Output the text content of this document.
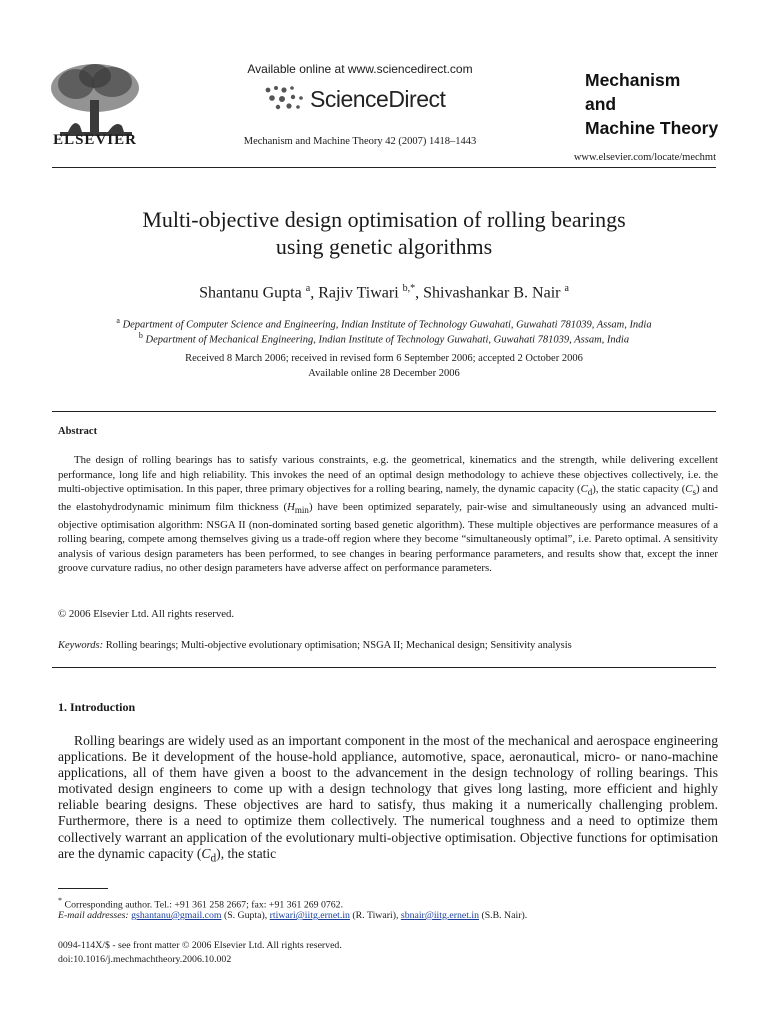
ELSEVIER
Available online at www.sciencedirect.com
ScienceDirect
Mechanism and Machine Theory 42 (2007) 1418–1443
Mechanism
and
Machine Theory
www.elsevier.com/locate/mechmt
Multi-objective design optimisation of rolling bearings
using genetic algorithms
Shantanu Gupta $^a$, Rajiv Tiwari $^{b,*}$, Shivashankar B. Nair $^a$
$^a$ Department of Computer Science and Engineering, Indian Institute of Technology Guwahati, Guwahati 781039, Assam, India
$^b$ Department of Mechanical Engineering, Indian Institute of Technology Guwahati, Guwahati 781039, Assam, India
Received 8 March 2006; received in revised form 6 September 2006; accepted 2 October 2006
Available online 28 December 2006
Abstract
The design of rolling bearings has to satisfy various constraints, e.g. the geometrical, kinematics and the strength, while delivering excellent performance, long life and high reliability. This invokes the need of an optimal design methodology to achieve these objectives collectively, i.e. the multi-objective optimisation. In this paper, three primary objectives for a rolling bearing, namely, the dynamic capacity $(C_d)$, the static capacity $(C_s)$ and the elastohydrodynamic minimum film thickness $(H_{min})$ have been optimized separately, pair-wise and simultaneously using an advanced multi-objective optimisation algorithm: NSGA II (non-dominated sorting based genetic algorithm). These multiple objectives are performance measures of a rolling bearing, compete among themselves giving us a trade-off region where they become “simultaneously optimal”, i.e. Pareto optimal. A sensitivity analysis of various design parameters has been performed, to see changes in bearing performance parameters, and results show that, except the inner groove curvature radius, no other design parameters have adverse affect on performance parameters.
© 2006 Elsevier Ltd. All rights reserved.
Keywords: Rolling bearings; Multi-objective evolutionary optimisation; NSGA II; Mechanical design; Sensitivity analysis
1. Introduction
Rolling bearings are widely used as an important component in the most of the mechanical and aerospace engineering applications. Be it development of the house-hold appliance, automotive, space, aeronautical, micro- or nano-machine applications, all of them have given a boost to the advancement in the design technology of rolling bearings. This motivated design engineers to come up with a design technology that gives long lasting, more efficient and highly reliable bearing designs. These objectives are hard to satisfy, thus making it a numerically challenging problem. Furthermore, there is a need to optimize them collectively. The numerical toughness and a need to optimize them collectively warrant an application of the evolutionary multi-objective optimisation. Objective functions for optimisation are the dynamic capacity $(C_d)$, the static
* Corresponding author. Tel.: +91 361 258 2667; fax: +91 361 269 0762.
E-mail addresses: gshantanu@gmail.com (S. Gupta), rtiwari@iitg.ernet.in (R. Tiwari), sbnair@iitg.ernet.in (S.B. Nair).
0094-114X/$ - see front matter © 2006 Elsevier Ltd. All rights reserved.
doi:10.1016/j.mechmachtheory.2006.10.002
